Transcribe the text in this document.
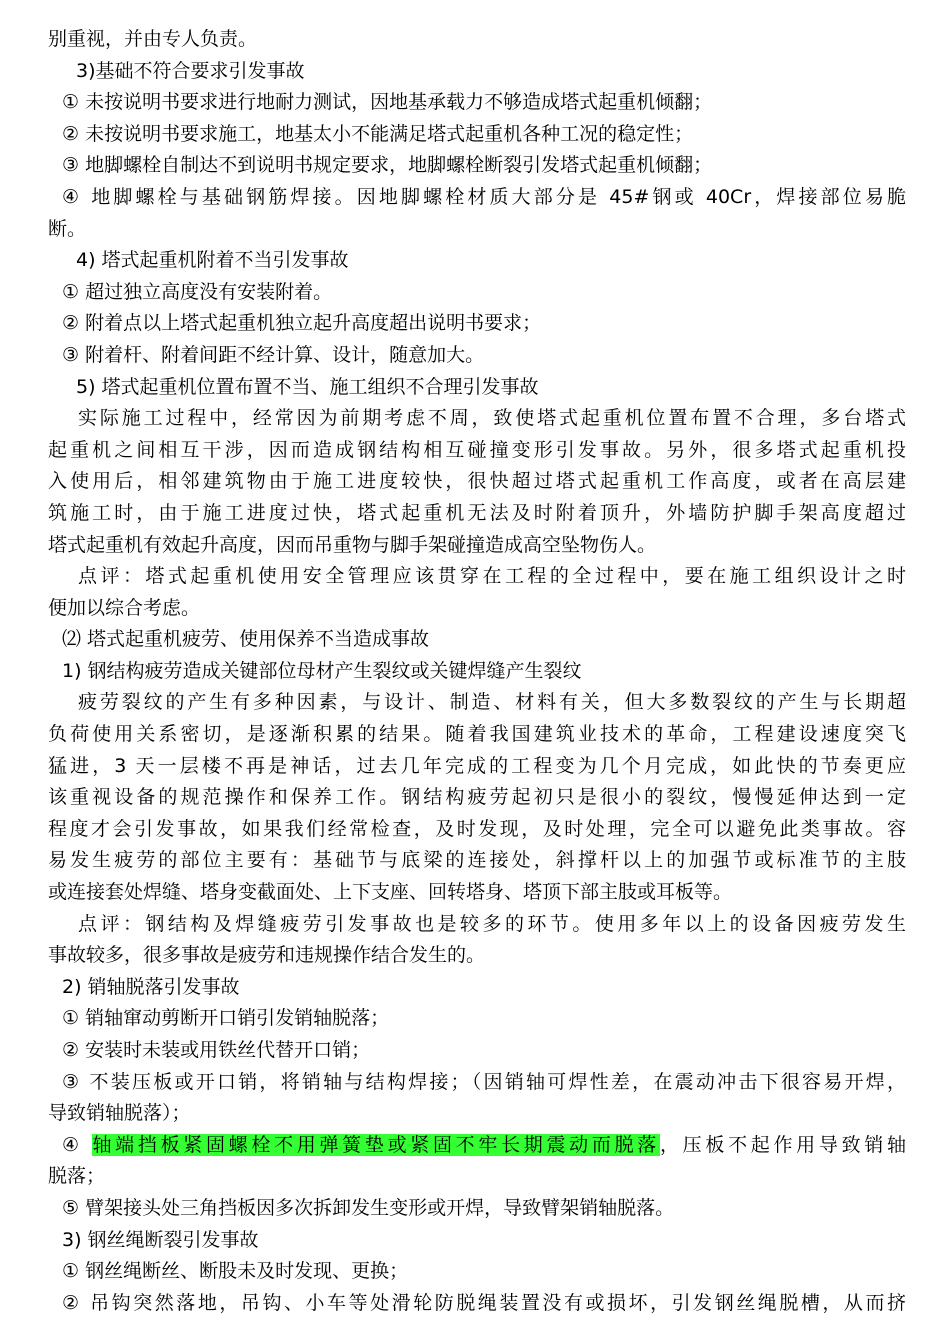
别重视，并由专人负责。
3)基础不符合要求引发事故
① 未按说明书要求进行地耐力测试，因地基承载力不够造成塔式起重机倾翻；
② 未按说明书要求施工，地基太小不能满足塔式起重机各种工况的稳定性；
③ 地脚螺栓自制达不到说明书规定要求，地脚螺栓断裂引发塔式起重机倾翻；
④ 地脚螺栓与基础钢筋焊接。因地脚螺栓材质大部分是 45#钢或 40Cr，焊接部位易脆
断。
4) 塔式起重机附着不当引发事故
① 超过独立高度没有安装附着。
② 附着点以上塔式起重机独立起升高度超出说明书要求；
③ 附着杆、附着间距不经计算、设计，随意加大。
5) 塔式起重机位置布置不当、施工组织不合理引发事故
实际施工过程中，经常因为前期考虑不周，致使塔式起重机位置布置不合理，多台塔式
起重机之间相互干涉，因而造成钢结构相互碰撞变形引发事故。另外，很多塔式起重机投
入使用后，相邻建筑物由于施工进度较快，很快超过塔式起重机工作高度，或者在高层建
筑施工时，由于施工进度过快，塔式起重机无法及时附着顶升，外墙防护脚手架高度超过
塔式起重机有效起升高度，因而吊重物与脚手架碰撞造成高空坠物伤人。
点评：塔式起重机使用安全管理应该贯穿在工程的全过程中，要在施工组织设计之时
便加以综合考虑。
⑵ 塔式起重机疲劳、使用保养不当造成事故
1) 钢结构疲劳造成关键部位母材产生裂纹或关键焊缝产生裂纹
疲劳裂纹的产生有多种因素，与设计、制造、材料有关，但大多数裂纹的产生与长期超
负荷使用关系密切，是逐渐积累的结果。随着我国建筑业技术的革命，工程建设速度突飞
猛进，3 天一层楼不再是神话，过去几年完成的工程变为几个月完成，如此快的节奏更应
该重视设备的规范操作和保养工作。钢结构疲劳起初只是很小的裂纹，慢慢延伸达到一定
程度才会引发事故，如果我们经常检查，及时发现，及时处理，完全可以避免此类事故。容
易发生疲劳的部位主要有：基础节与底梁的连接处，斜撑杆以上的加强节或标准节的主肢
或连接套处焊缝、塔身变截面处、上下支座、回转塔身、塔顶下部主肢或耳板等。
点评：钢结构及焊缝疲劳引发事故也是较多的环节。使用多年以上的设备因疲劳发生
事故较多，很多事故是疲劳和违规操作结合发生的。
2) 销轴脱落引发事故
① 销轴窜动剪断开口销引发销轴脱落；
② 安装时未装或用铁丝代替开口销；
③ 不装压板或开口销，将销轴与结构焊接；（因销轴可焊性差，在震动冲击下很容易开焊，
导致销轴脱落）；
④ 轴端挡板紧固螺栓不用弹簧垫或紧固不牢长期震动而脱落，压板不起作用导致销轴
脱落；
⑤ 臂架接头处三角挡板因多次拆卸发生变形或开焊，导致臂架销轴脱落。
3) 钢丝绳断裂引发事故
① 钢丝绳断丝、断股未及时发现、更换；
② 吊钩突然落地，吊钩、小车等处滑轮防脱绳装置没有或损坏，引发钢丝绳脱槽，从而挤
